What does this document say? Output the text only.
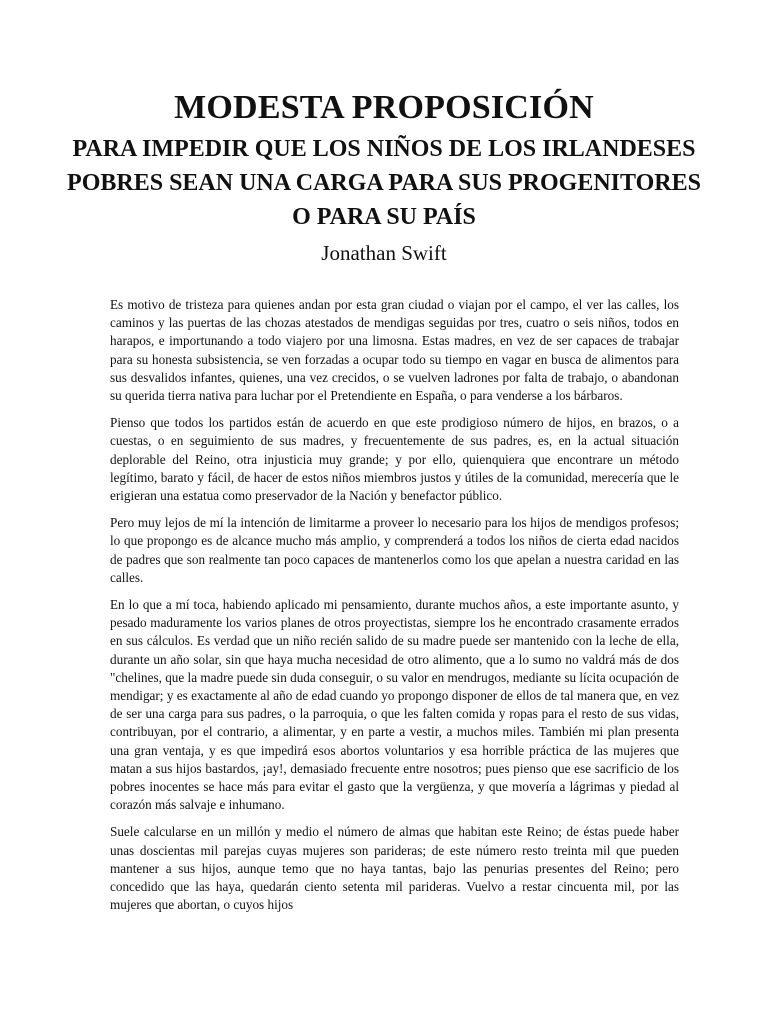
MODESTA PROPOSICIÓN
PARA IMPEDIR QUE LOS NIÑOS DE LOS IRLANDESES POBRES SEAN UNA CARGA PARA SUS PROGENITORES O PARA SU PAÍS
Jonathan Swift

Es motivo de tristeza para quienes andan por esta gran ciudad o viajan por el campo, el ver las calles, los caminos y las puertas de las chozas atestados de mendigas seguidas por tres, cuatro o seis niños, todos en harapos, e importunando a todo viajero por una limosna. Estas madres, en vez de ser capaces de trabajar para su honesta subsistencia, se ven forzadas a ocupar todo su tiempo en vagar en busca de alimentos para sus desvalidos infantes, quienes, una vez crecidos, o se vuelven ladrones por falta de trabajo, o abandonan su querida tierra nativa para luchar por el Pretendiente en España, o para venderse a los bárbaros.

Pienso que todos los partidos están de acuerdo en que este prodigioso número de hijos, en brazos, o a cuestas, o en seguimiento de sus madres, y frecuentemente de sus padres, es, en la actual situación deplorable del Reino, otra injusticia muy grande; y por ello, quienquiera que encontrare un método legítimo, barato y fácil, de hacer de estos niños miembros justos y útiles de la comunidad, merecería que le erigieran una estatua como preservador de la Nación y benefactor público.

Pero muy lejos de mí la intención de limitarme a proveer lo necesario para los hijos de mendigos profesos; lo que propongo es de alcance mucho más amplio, y comprenderá a todos los niños de cierta edad nacidos de padres que son realmente tan poco capaces de mantenerlos como los que apelan a nuestra caridad en las calles.

En lo que a mí toca, habiendo aplicado mi pensamiento, durante muchos años, a este importante asunto, y pesado maduramente los varios planes de otros proyectistas, siempre los he encontrado crasamente errados en sus cálculos. Es verdad que un niño recién salido de su madre puede ser mantenido con la leche de ella, durante un año solar, sin que haya mucha necesidad de otro alimento, que a lo sumo no valdrá más de dos "chelines, que la madre puede sin duda conseguir, o su valor en mendrugos, mediante su lícita ocupación de mendigar; y es exactamente al año de edad cuando yo propongo disponer de ellos de tal manera que, en vez de ser una carga para sus padres, o la parroquia, o que les falten comida y ropas para el resto de sus vidas, contribuyan, por el contrario, a alimentar, y en parte a vestir, a muchos miles. También mi plan presenta una gran ventaja, y es que impedirá esos abortos voluntarios y esa horrible práctica de las mujeres que matan a sus hijos bastardos, ¡ay!, demasiado frecuente entre nosotros; pues pienso que ese sacrificio de los pobres inocentes se hace más para evitar el gasto que la vergüenza, y que movería a lágrimas y piedad al corazón más salvaje e inhumano.

Suele calcularse en un millón y medio el número de almas que habitan este Reino; de éstas puede haber unas doscientas mil parejas cuyas mujeres son parideras; de este número resto treinta mil que pueden mantener a sus hijos, aunque temo que no haya tantas, bajo las penurias presentes del Reino; pero concedido que las haya, quedarán ciento setenta mil parideras. Vuelvo a restar cincuenta mil, por las mujeres que abortan, o cuyos hijos
